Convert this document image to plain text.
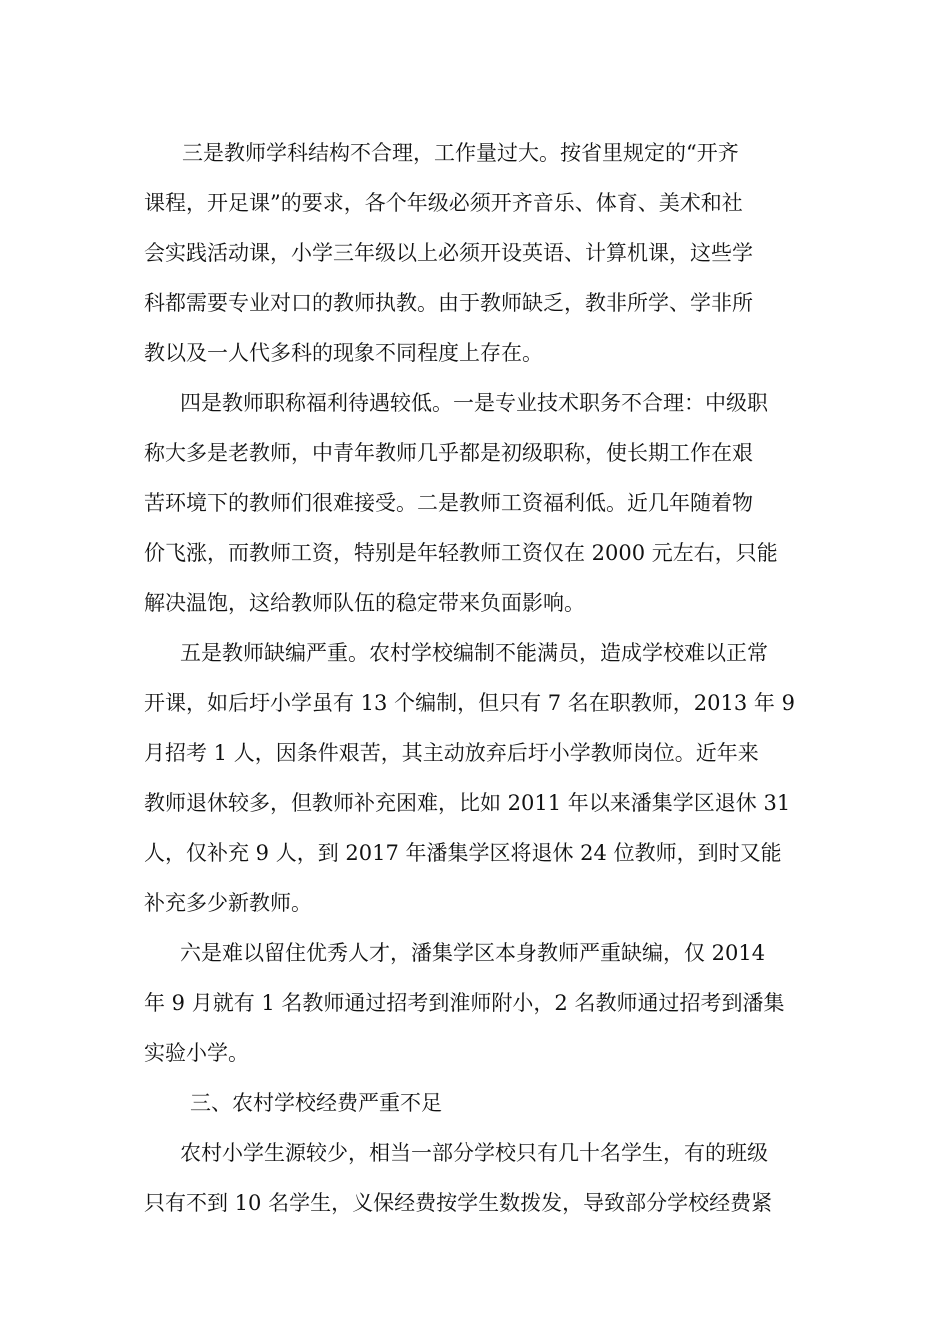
三是教师学科结构不合理，工作量过大。按省里规定的“开齐
课程，开足课”的要求，各个年级必须开齐音乐、体育、美术和社
会实践活动课，小学三年级以上必须开设英语、计算机课，这些学
科都需要专业对口的教师执教。由于教师缺乏，教非所学、学非所
教以及一人代多科的现象不同程度上存在。
四是教师职称福利待遇较低。一是专业技术职务不合理：中级职
称大多是老教师，中青年教师几乎都是初级职称，使长期工作在艰
苦环境下的教师们很难接受。二是教师工资福利低。近几年随着物
价飞涨，而教师工资，特别是年轻教师工资仅在 2000 元左右，只能
解决温饱，这给教师队伍的稳定带来负面影响。
五是教师缺编严重。农村学校编制不能满员，造成学校难以正常
开课，如后圩小学虽有 13 个编制，但只有 7 名在职教师，2013 年 9
月招考 1 人，因条件艰苦，其主动放弃后圩小学教师岗位。近年来
教师退休较多，但教师补充困难，比如 2011 年以来潘集学区退休 31
人，仅补充 9 人，到 2017 年潘集学区将退休 24 位教师，到时又能
补充多少新教师。
六是难以留住优秀人才，潘集学区本身教师严重缺编，仅 2014
年 9 月就有 1 名教师通过招考到淮师附小，2 名教师通过招考到潘集
实验小学。
三、农村学校经费严重不足
农村小学生源较少，相当一部分学校只有几十名学生，有的班级
只有不到 10 名学生，义保经费按学生数拨发，导致部分学校经费紧
